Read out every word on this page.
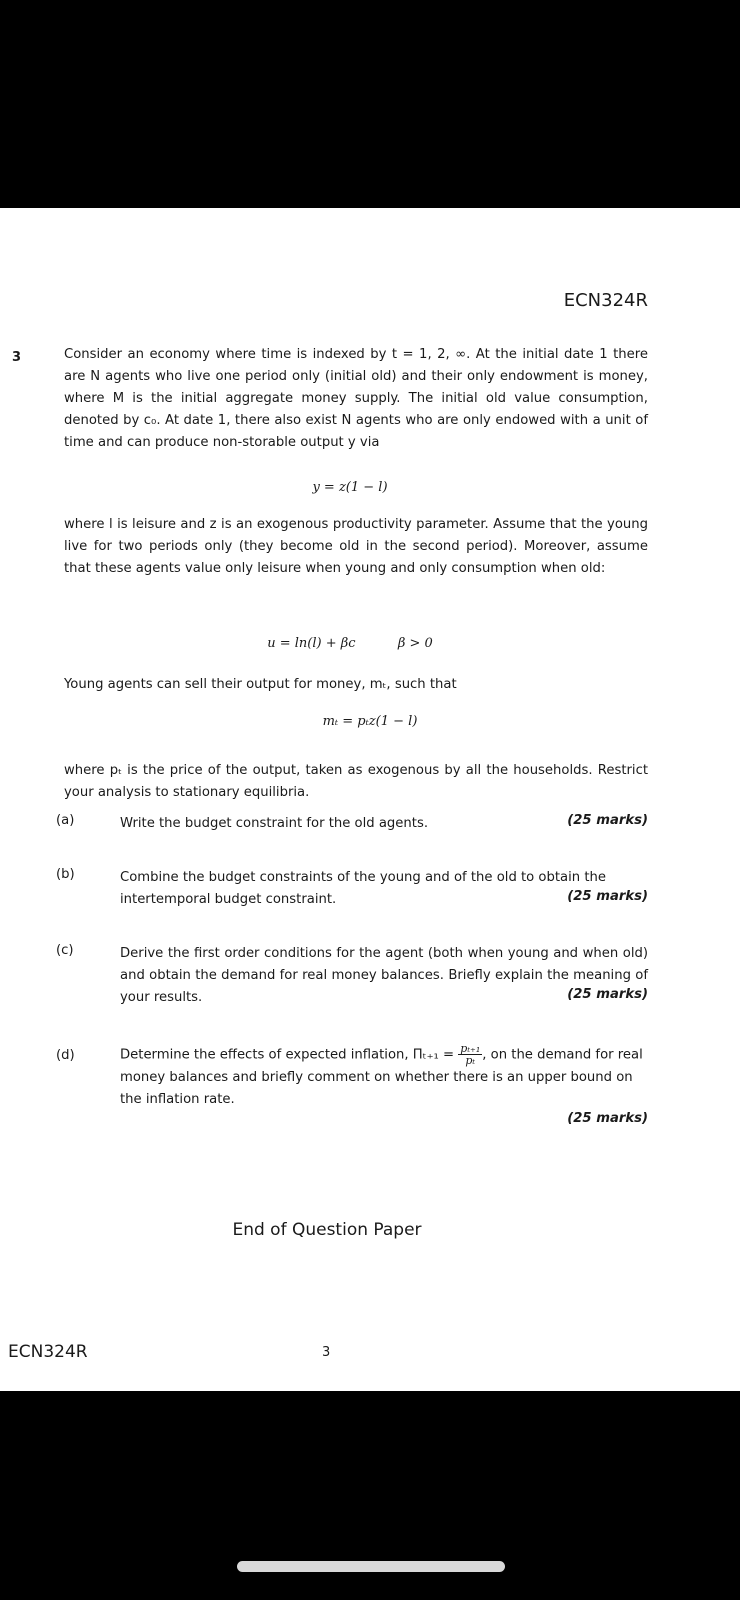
ECN324R
3	Consider an economy where time is indexed by t = 1, 2, ∞. At the initial date 1 there are N agents who live one period only (initial old) and their only endowment is money, where M is the initial aggregate money supply. The initial old value consumption, denoted by c₀. At date 1, there also exist N agents who are only endowed with a unit of time and can produce non-storable output y via
y = z(1 − l)
where l is leisure and z is an exogenous productivity parameter. Assume that the young live for two periods only (they become old in the second period). Moreover, assume that these agents value only leisure when young and only consumption when old:
u = ln(l) + βc	β > 0
Young agents can sell their output for money, mₜ, such that
mₜ = pₜz(1 − l)
where pₜ is the price of the output, taken as exogenous by all the households. Restrict your analysis to stationary equilibria.
(a)	Write the budget constraint for the old agents.	(25 marks)
(b)	Combine the budget constraints of the young and of the old to obtain the intertemporal budget constraint.	(25 marks)
(c)	Derive the first order conditions for the agent (both when young and when old) and obtain the demand for real money balances. Briefly explain the meaning of your results.	(25 marks)
(d)	Determine the effects of expected inflation, $\Pi_{t+1} = \frac{\text{pₜ₊₁}}{\text{pₜ}}$ , on the demand for real money balances and briefly comment on whether there is an upper bound on the inflation rate.
(25 marks)
End of Question Paper
ECN324R	3
